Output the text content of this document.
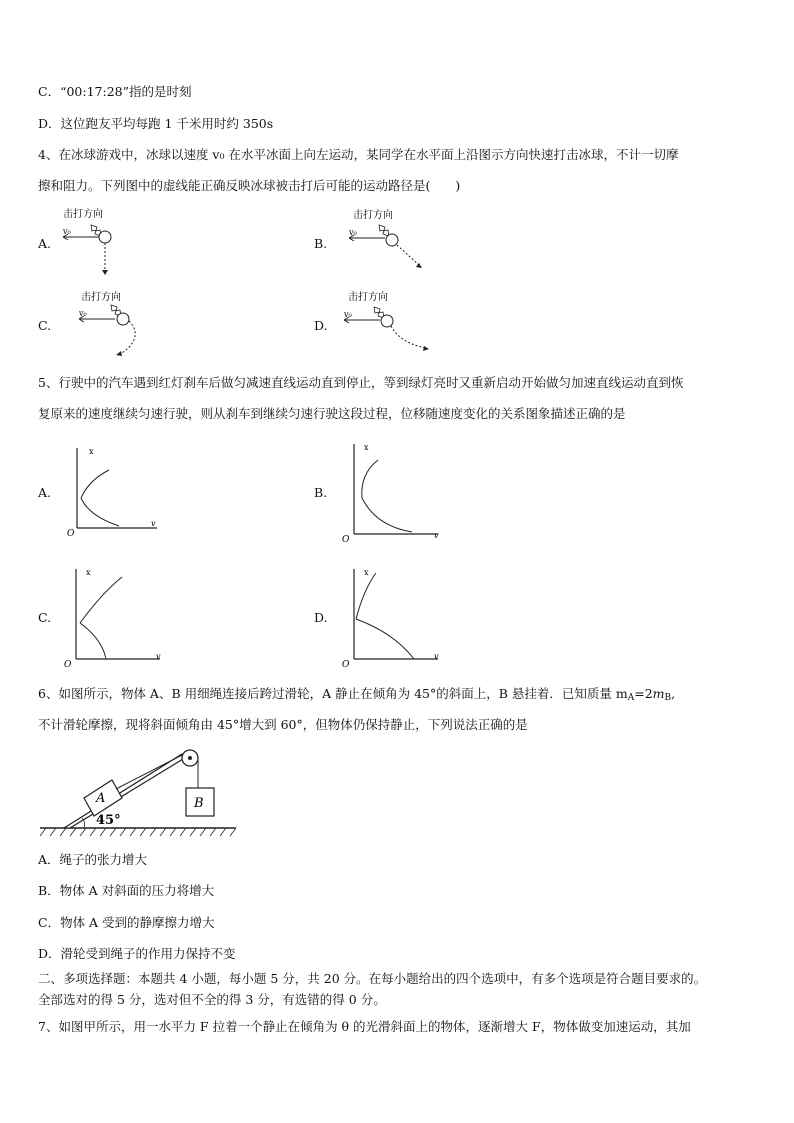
C．“00:17:28”指的是时刻
D．这位跑友平均每跑 1 千米用时约 350s
4、在冰球游戏中，冰球以速度 v₀ 在水平冰面上向左运动，某同学在水平面上沿图示方向快速打击冰球，不计一切摩
擦和阻力。下列图中的虚线能正确反映冰球被击打后可能的运动路径是(　　)
A.
击打方向
v₀
B.
击打方向
v₀
C.
击打方向
v₀
D.
击打方向
v₀
5、行驶中的汽车遇到红灯刹车后做匀减速直线运动直到停止，等到绿灯亮时又重新启动开始做匀加速直线运动直到恢
复原来的速度继续匀速行驶，则从刹车到继续匀速行驶这段过程，位移随速度变化的关系图象描述正确的是
A.
x
v
O
B.
x
v
O
C.
x
v
O
D.
x
v
O
6、如图所示，物体 A、B 用细绳连接后跨过滑轮，A 静止在倾角为 45°的斜面上，B 悬挂着．已知质量 mA=2mB,
不计滑轮摩擦，现将斜面倾角由 45°增大到 60°，但物体仍保持静止，下列说法正确的是
A	B
45°
A．绳子的张力增大
B．物体 A 对斜面的压力将增大
C．物体 A 受到的静摩擦力增大
D．滑轮受到绳子的作用力保持不变
二、多项选择题：本题共 4 小题，每小题 5 分，共 20 分。在每小题给出的四个选项中，有多个选项是符合题目要求的。
全部选对的得 5 分，选对但不全的得 3 分，有选错的得 0 分。
7、如图甲所示，用一水平力 F 拉着一个静止在倾角为 θ 的光滑斜面上的物体，逐渐增大 F，物体做变加速运动，其加
